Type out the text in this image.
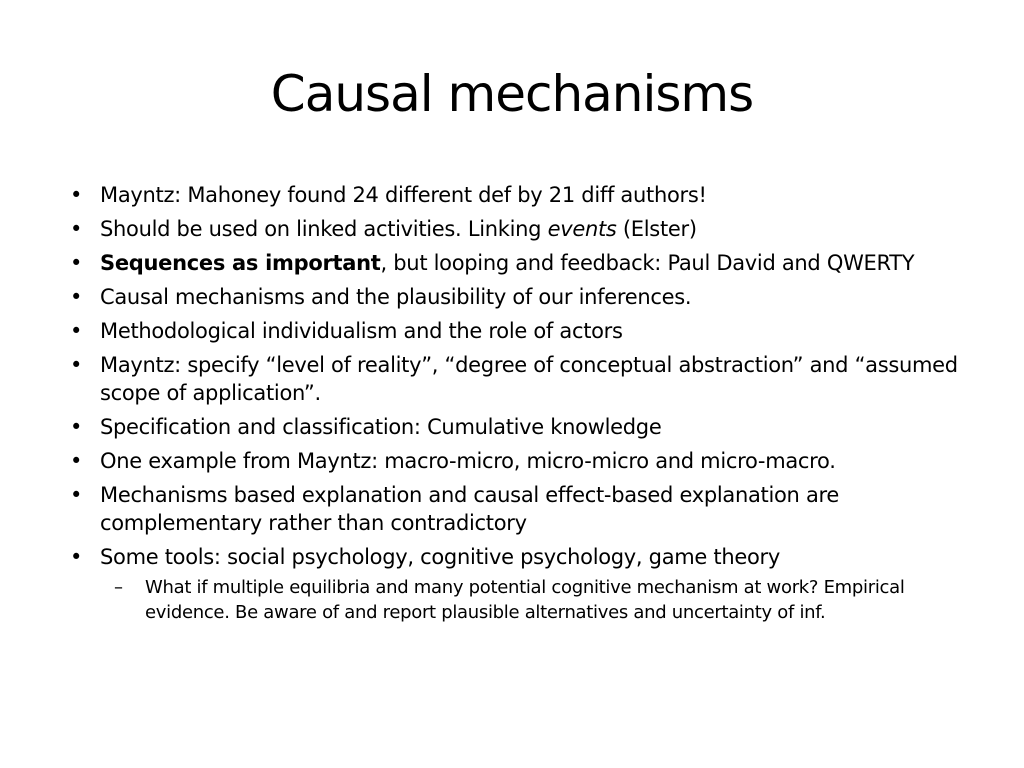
Causal mechanisms
• Mayntz: Mahoney found 24 different def by 21 diff authors!
• Should be used on linked activities. Linking events (Elster)
• Sequences as important, but looping and feedback: Paul David and QWERTY
• Causal mechanisms and the plausibility of our inferences.
• Methodological individualism and the role of actors
• Mayntz: specify “level of reality”, “degree of conceptual abstraction” and “assumed scope of application”.
• Specification and classification: Cumulative knowledge
• One example from Mayntz: macro-micro, micro-micro and micro-macro.
• Mechanisms based explanation and causal effect-based explanation are complementary rather than contradictory
• Some tools: social psychology, cognitive psychology, game theory
– What if multiple equilibria and many potential cognitive mechanism at work? Empirical evidence. Be aware of and report plausible alternatives and uncertainty of inf.
